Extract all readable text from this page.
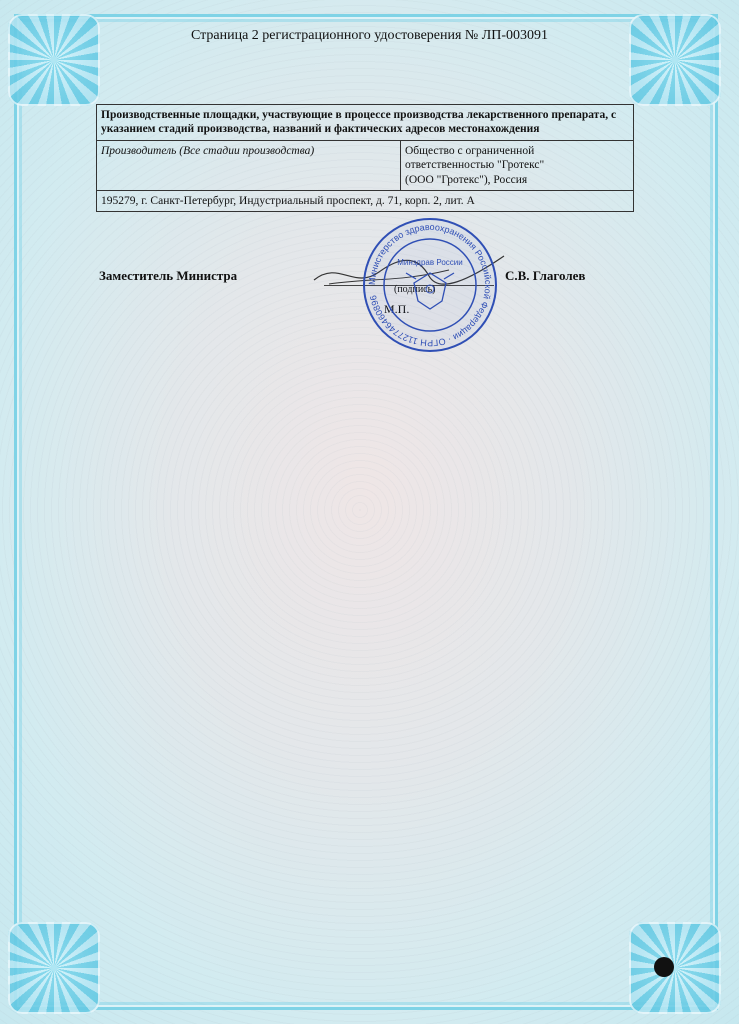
Страница 2 регистрационного удостоверения № ЛП-003091
Производственные площадки, участвующие в процессе производства лекарственного препарата, с указанием стадий производства, названий и фактических адресов местонахождения
Производитель (Все стадии производства)	Общество с ограниченной
ответственностью "Гротекс"
(ООО "Гротекс"), Россия

195279, г. Санкт-Петербург, Индустриальный проспект, д. 71, корп. 2, лит. А
Заместитель Министра	С.В. Глаголев
Министерство здравоохранения Российской Федерации · ОГРН 1127746460896
Минздрав России
